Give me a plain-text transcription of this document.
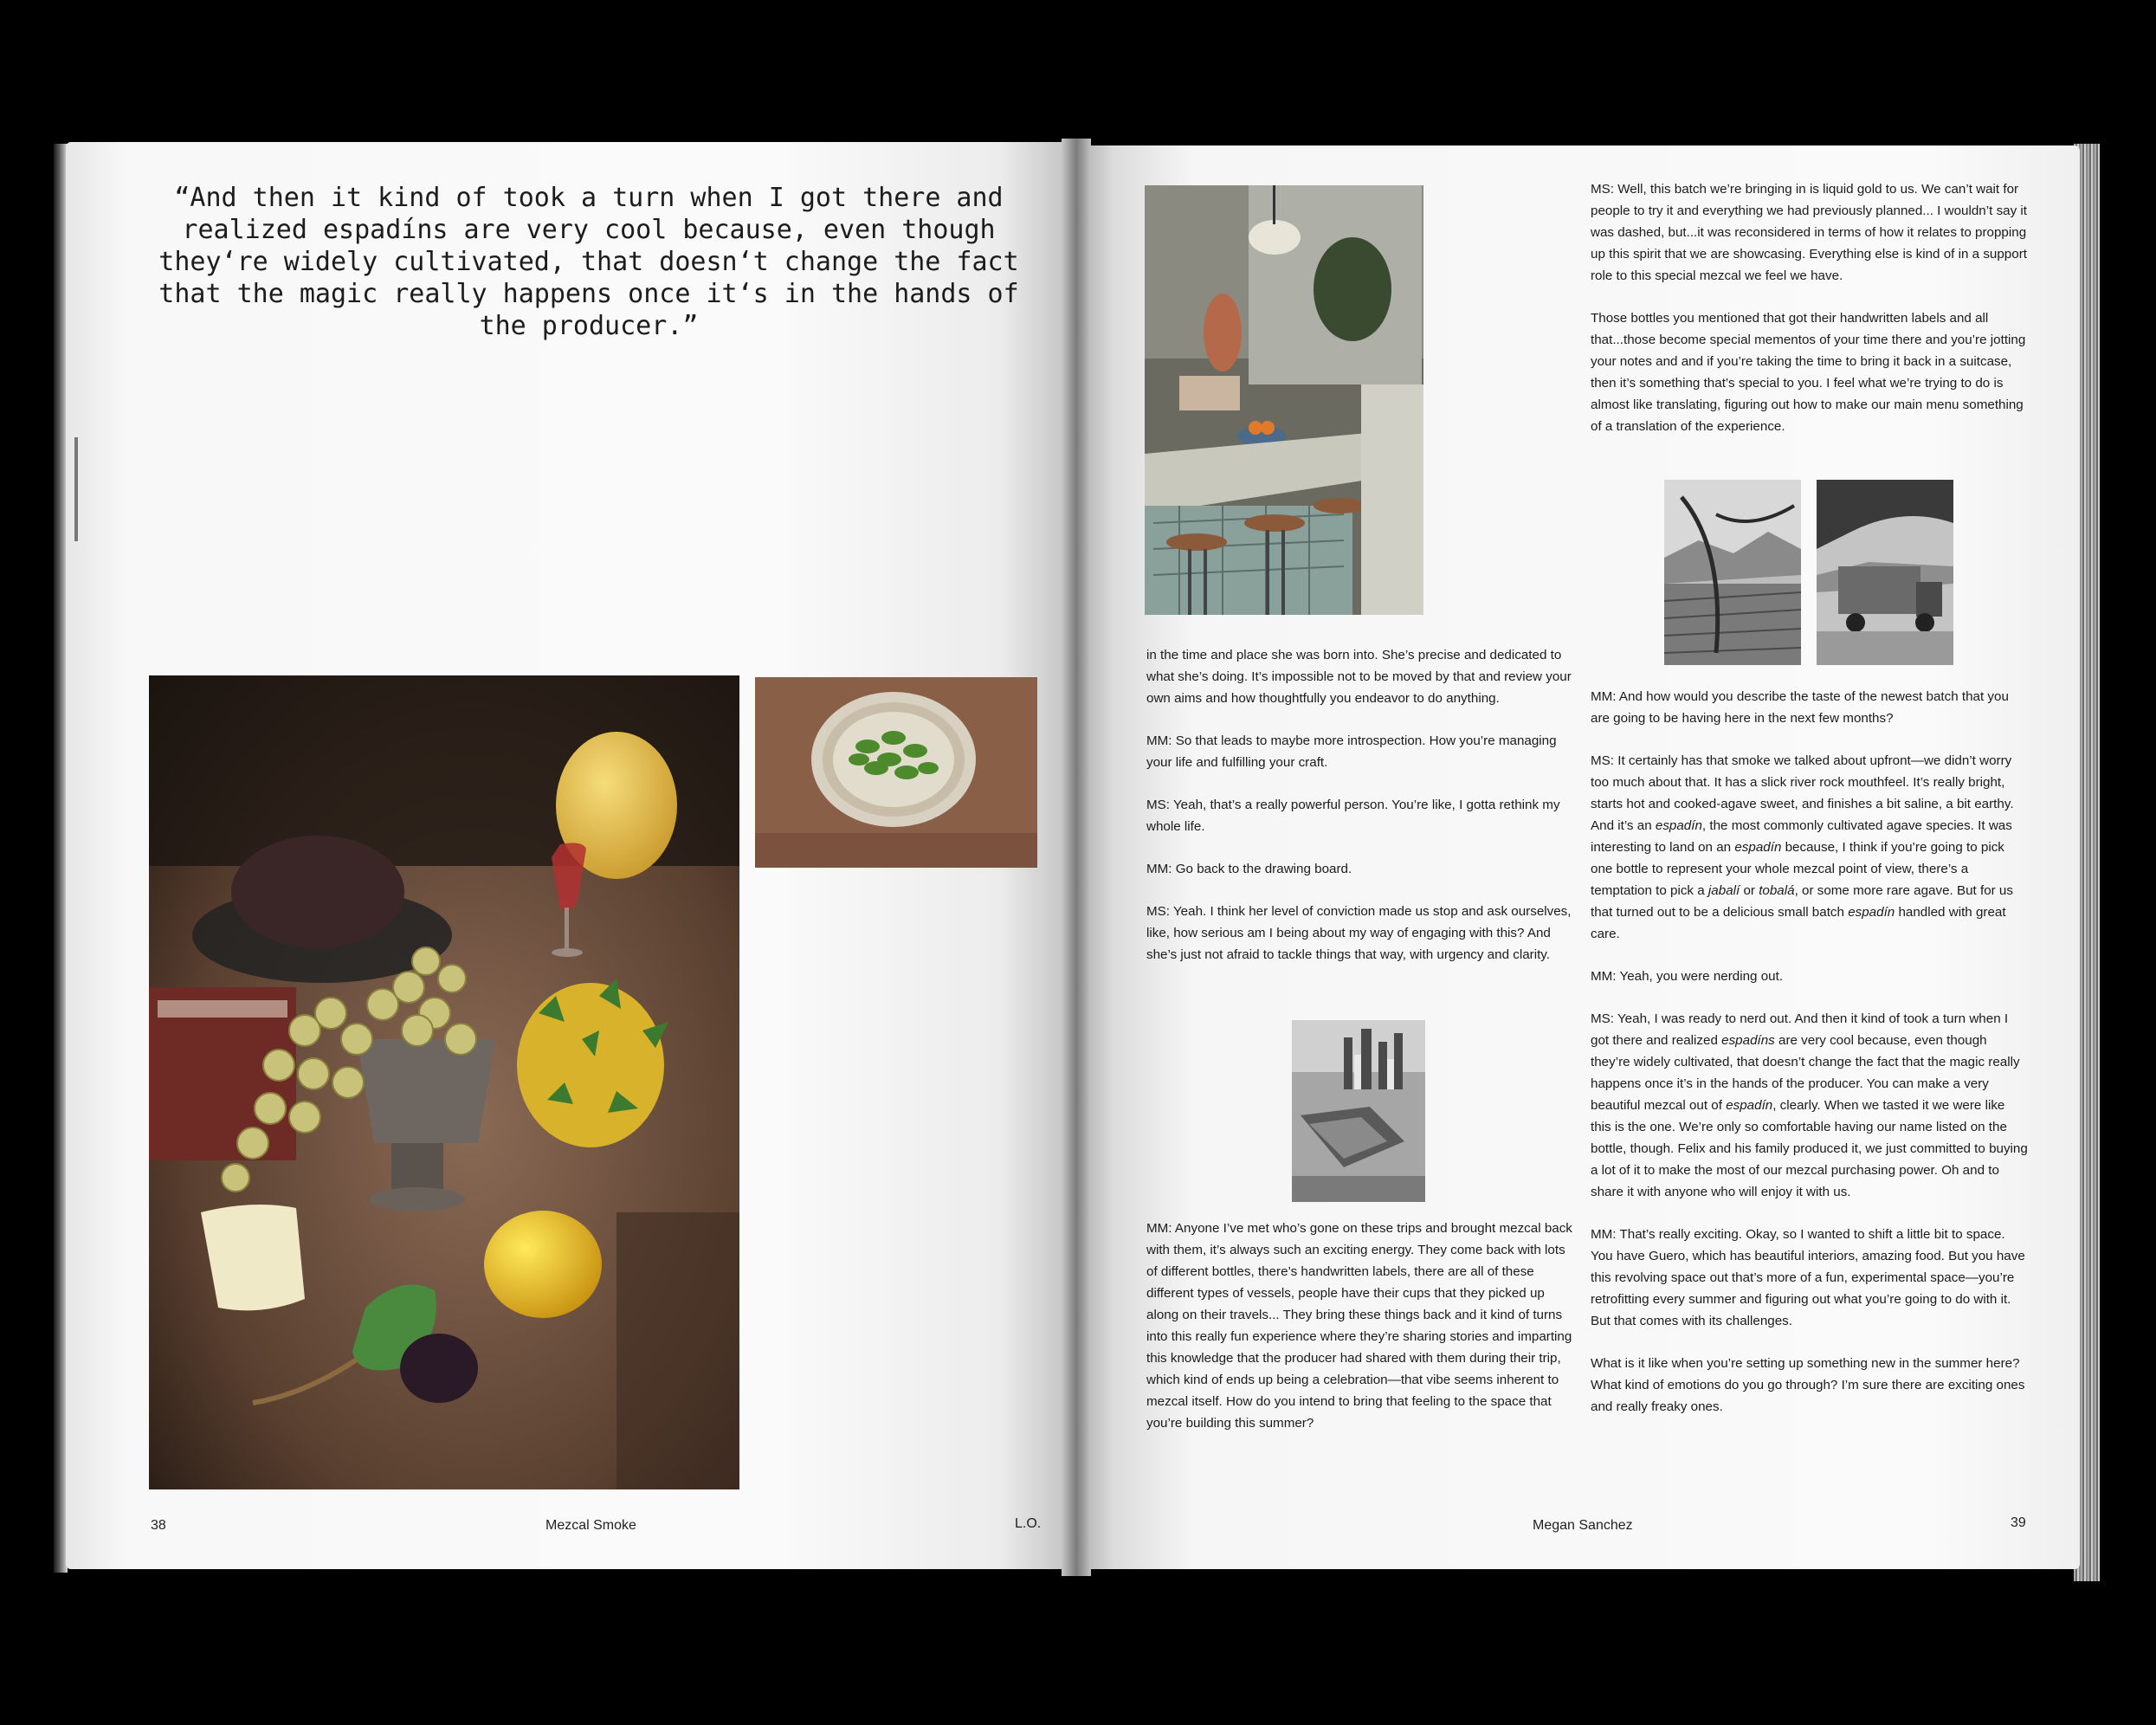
“And then it kind of took a turn when I got there and realized espadíns are very cool because, even though they‘re widely cultivated, that doesn‘t change the fact that the magic really happens once it‘s in the hands of the producer.”

38	Mezcal Smoke	L.O.

in the time and place she was born into. She’s precise and dedicated to what she’s doing. It’s impossible not to be moved by that and review your own aims and how thoughtfully you endeavor to do anything.

MM: So that leads to maybe more introspection. How you’re managing your life and fulfilling your craft.

MS: Yeah, that’s a really powerful person. You’re like, I gotta rethink my whole life.

MM: Go back to the drawing board.

MS: Yeah. I think her level of conviction made us stop and ask ourselves, like, how serious am I being about my way of engaging with this? And she’s just not afraid to tackle things that way, with urgency and clarity.

MM: Anyone I’ve met who’s gone on these trips and brought mezcal back with them, it’s always such an exciting energy. They come back with lots of different bottles, there’s handwritten labels, there are all of these different types of vessels, people have their cups that they picked up along on their travels... They bring these things back and it kind of turns into this really fun experience where they’re sharing stories and imparting this knowledge that the producer had shared with them during their trip, which kind of ends up being a celebration—that vibe seems inherent to mezcal itself. How do you intend to bring that feeling to the space that you’re building this summer?

MS: Well, this batch we’re bringing in is liquid gold to us. We can’t wait for people to try it and everything we had previously planned... I wouldn’t say it was dashed, but...it was reconsidered in terms of how it relates to propping up this spirit that we are showcasing. Everything else is kind of in a support role to this special mezcal we feel we have.

Those bottles you mentioned that got their handwritten labels and all that...those become special mementos of your time there and you’re jotting your notes and and if you’re taking the time to bring it back in a suitcase, then it’s something that’s special to you. I feel what we’re trying to do is almost like translating, figuring out how to make our main menu something of a translation of the experience.

MM: And how would you describe the taste of the newest batch that you are going to be having here in the next few months?

MS: It certainly has that smoke we talked about upfront—we didn’t worry too much about that. It has a slick river rock mouthfeel. It’s really bright, starts hot and cooked-agave sweet, and finishes a bit saline, a bit earthy. And it’s an espadín, the most commonly cultivated agave species. It was interesting to land on an espadín because, I think if you’re going to pick one bottle to represent your whole mezcal point of view, there’s a temptation to pick a jabalí or tobalá, or some more rare agave. But for us that turned out to be a delicious small batch espadín handled with great care.

MM: Yeah, you were nerding out.

MS: Yeah, I was ready to nerd out. And then it kind of took a turn when I got there and realized espadíns are very cool because, even though they’re widely cultivated, that doesn’t change the fact that the magic really happens once it’s in the hands of the producer. You can make a very beautiful mezcal out of espadín, clearly. When we tasted it we were like this is the one. We’re only so comfortable having our name listed on the bottle, though. Felix and his family produced it, we just committed to buying a lot of it to make the most of our mezcal purchasing power. Oh and to share it with anyone who will enjoy it with us.

MM: That’s really exciting. Okay, so I wanted to shift a little bit to space. You have Guero, which has beautiful interiors, amazing food. But you have this revolving space out that’s more of a fun, experimental space—you’re retrofitting every summer and figuring out what you’re going to do with it. But that comes with its challenges.

What is it like when you’re setting up something new in the summer here? What kind of emotions do you go through? I’m sure there are exciting ones and really freaky ones.

Megan Sanchez	39
